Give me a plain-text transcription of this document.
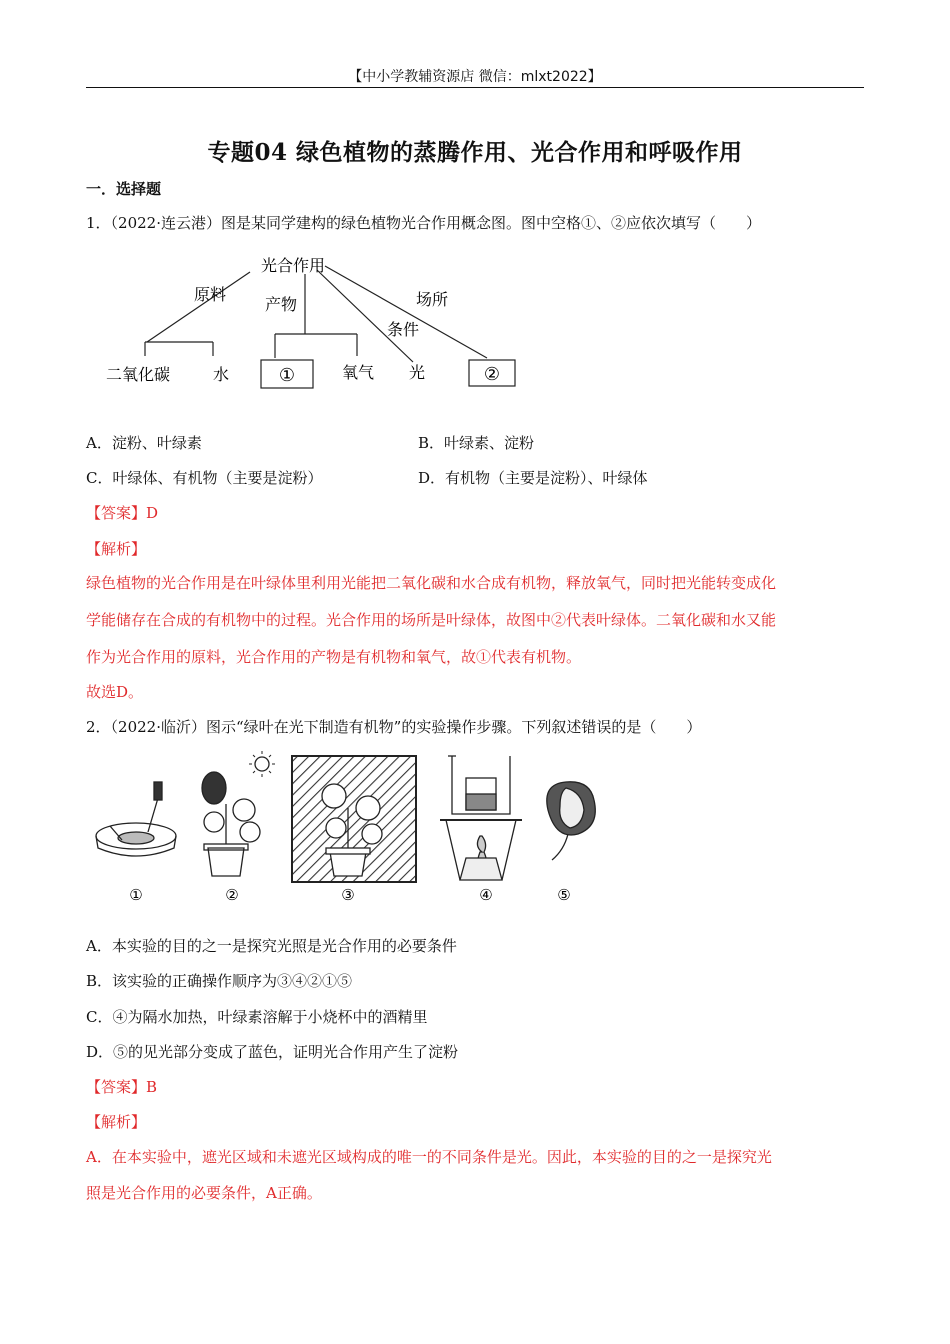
【中小学教辅资源店 微信：mlxt2022】
专题04 绿色植物的蒸腾作用、光合作用和呼吸作用
一．选择题
1．（2022·连云港）图是某同学建构的绿色植物光合作用概念图。图中空格①、②应依次填写（　　）
光合作用
原料
产物
条件
场所
二氧化碳	水	①	氧气 光	②
A．淀粉、叶绿素	B．叶绿素、淀粉
C．叶绿体、有机物（主要是淀粉）	D．有机物（主要是淀粉）、叶绿体
【答案】D
【解析】
绿色植物的光合作用是在叶绿体里利用光能把二氧化碳和水合成有机物，释放氧气，同时把光能转变成化
学能储存在合成的有机物中的过程。光合作用的场所是叶绿体，故图中②代表叶绿体。二氧化碳和水又能
作为光合作用的原料，光合作用的产物是有机物和氧气，故①代表有机物。
故选D。
2．（2022·临沂）图示“绿叶在光下制造有机物”的实验操作步骤。下列叙述错误的是（　　）
①	②	③	④	⑤
A．本实验的目的之一是探究光照是光合作用的必要条件
B．该实验的正确操作顺序为③④②①⑤
C．④为隔水加热，叶绿素溶解于小烧杯中的酒精里
D．⑤的见光部分变成了蓝色，证明光合作用产生了淀粉
【答案】B
【解析】
A．在本实验中，遮光区域和未遮光区域构成的唯一的不同条件是光。因此，本实验的目的之一是探究光
照是光合作用的必要条件，A正确。
